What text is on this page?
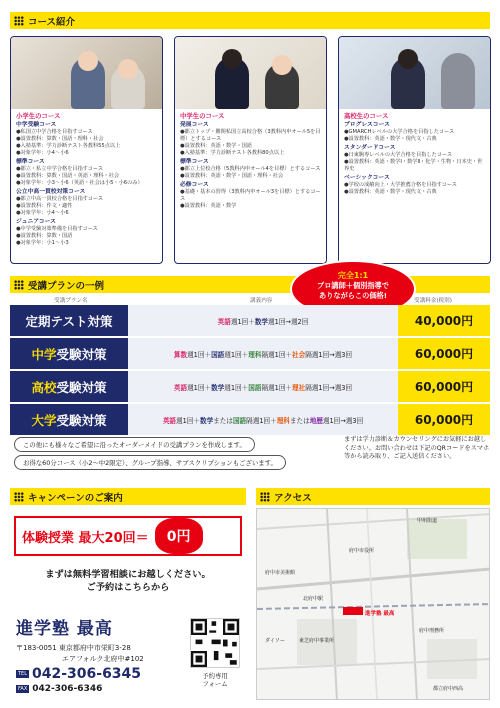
コース紹介
小学生のコース
中学受験コース
●私国立中学合格を目指すコース
●設置教科：算数・国語・理科・社会
●入塾基準：学力診断テスト各教科55点以上
●対象学年：小4〜小6
標準コース
●都立・私立中学合格を目指すコース
●設置教科：算数・国語・英語・理科・社会
●対象学年：小3〜小6（英語・社会は小5・小6のみ）
公立中高一貫校対策コース
●都立中高一貫校合格を目指すコース
●設置教科：作文・適性
●対象学年：小4〜小6
ジュニアコース
●中学受験対策準備を目指すコース
●設置教科：算数・国語
●対象学年：小1〜小3
中学生のコース
発展コース
●都立トップ・難関私国立高校合格（3教科内申オール5を目標）とするコース
●設置教科：英語・数学・国語
●入塾基準：学力診断テスト各教科80点以上
標準コース
●都立上位校合格（5教科内申オール4を目標）とするコース
●設置教科：英語・数学・国語・理科・社会
必修コース
●基礎・基本の習得（3教科内申オール3を目標）とするコース
●設置教科：英語・数学
高校生のコース
プログレスコース
●GMARCHレベルの大学合格を目指したコース
●設置教科：英語・数学・現代文・古典
スタンダードコース
●日東駒専レベルの大学合格を目指したコース
●設置教科：英語・数学Ⅰ・数学Ⅱ・化学・生物・日本史・世界史
ベーシックコース
●学校の成績向上・大学推薦合格を目指すコース
●設置教科：英語・数学・現代文・古典
受講プランの一例
完全1:1
プロ講師＋個別指導で
ありながらこの価格!
受講プラン名	講義内容	受講料金(税別)
定期テスト対策	英語 週1回＋ 数学 週1回→週2回	40,000円
中学 受験対策	算数 週1回＋ 国語 週1回＋ 理科 隔週1回＋ 社会 隔週1回→週3回	60,000円
高校 受験対策	英語 週1回＋ 数学 週1回＋ 国語 隔週1回＋ 理社 隔週1回→週3回	60,000円
大学 受験対策	英語 週1回＋ 数学 または 国語 隔週1回＋ 理科 または 地歴 週1回→週3回	60,000円
この他にも様々なご希望に沿ったオーダーメイドの受講プランを作成します。
お得な60分コース（小2〜中2限定）、グループ指導、サブスクリプションもございます。
まずは学力診断＆カウンセリングにお気軽にお越しください。お問い合わせは下記のQRコードをスマホ等から読み取り、ご記入送信ください。
キャンペーンのご案内
体験授業 最大20回＝	0円
まずは無料学習相談にお越しください。
ご予約はこちらから
進学塾 最高
〒183-0051 東京都府中市栄町3-28
エアフォルク北府中#102
TEL 042-306-6345
FAX 042-306-6346
予約専用
フォーム
アクセス
甲州街道
府中市役所
北府中駅
府中市美術館
東芝府中事業所
進学塾 最高
府中刑務所
都立府中西高
ダイソー
